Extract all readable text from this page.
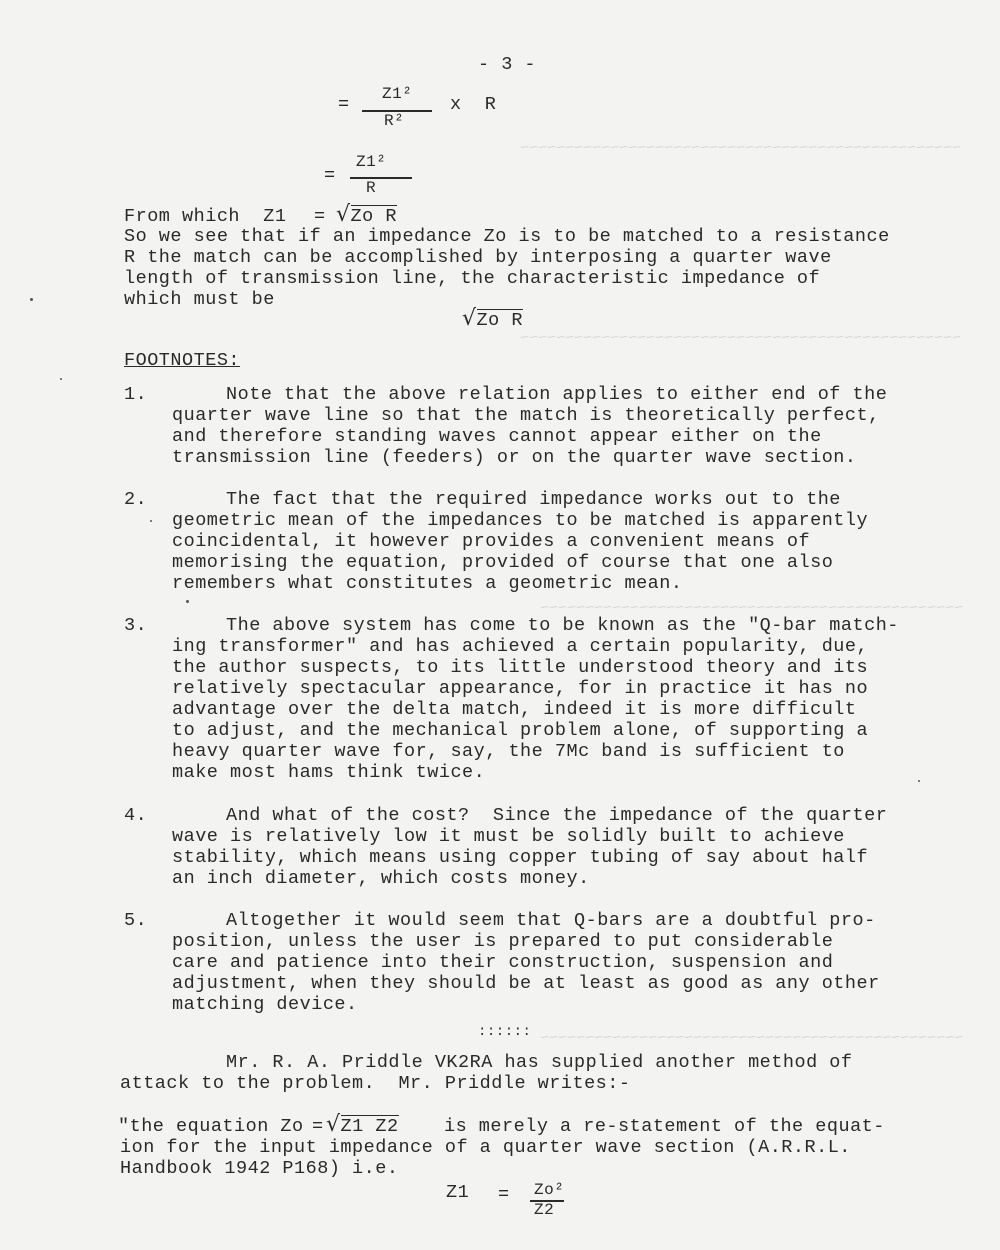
~~~~~~~~~~~~~~~~~~~~~~~~~~~~~~~~~~~~~~~~~~~~~~~~~
~~~~~~~~~~~~~~~~~~~~~~~~~~~~~~~~~~~~~~~~~~~~~~~~~
~~~~~~~~~~~~~~~~~~~~~~~~~~~~~~~~~~~~~~~~~~~~~~~
~~~~~~~~~~~~~~~~~~~~~~~~~~~~~~~~~~~~~~~~~~~~~~~
- 3 -
= Z1²
R²
x  R
=
Z1²
R
From which  Z1 = √Zo R
So we see that if an impedance Zo is to be matched to a resistance
R the match can be accomplished by interposing a quarter wave
length of transmission line, the characteristic impedance of
which must be
√Zo R
FOOTNOTES:
1.	Note that the above relation applies to either end of the
quarter wave line so that the match is theoretically perfect,
and therefore standing waves cannot appear either on the
transmission line (feeders) or on the quarter wave section.
2.	The fact that the required impedance works out to the
geometric mean of the impedances to be matched is apparently
coincidental, it however provides a convenient means of
memorising the equation, provided of course that one also
remembers what constitutes a geometric mean.
3.	The above system has come to be known as the "Q-bar match-
ing transformer" and has achieved a certain popularity, due,
the author suspects, to its little understood theory and its
relatively spectacular appearance, for in practice it has no
advantage over the delta match, indeed it is more difficult
to adjust, and the mechanical problem alone, of supporting a
heavy quarter wave for, say, the 7Mc band is sufficient to
make most hams think twice.
4.	And what of the cost?  Since the impedance of the quarter
wave is relatively low it must be solidly built to achieve
stability, which means using copper tubing of say about half
an inch diameter, which costs money.
5.	Altogether it would seem that Q-bars are a doubtful pro-
position, unless the user is prepared to put considerable
care and patience into their construction, suspension and
adjustment, when they should be at least as good as any other
matching device.
::::::
Mr. R. A. Priddle VK2RA has supplied another method of
attack to the problem.  Mr. Priddle writes:-
"the equation Zo = √Z1 Z2 is merely a re-statement of the equat-
ion for the input impedance of a quarter wave section (A.R.R.L.
Handbook 1942 P168) i.e.
Z1 = Zo²
Z2
